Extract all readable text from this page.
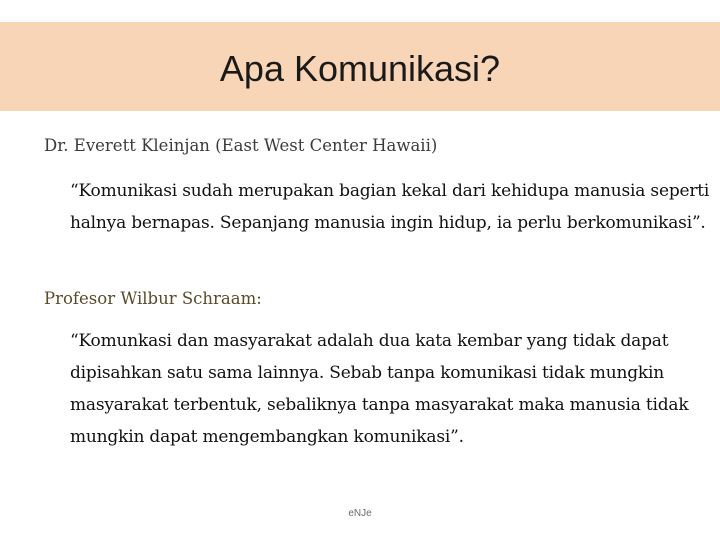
Apa Komunikasi?

Dr. Everett Kleinjan (East West Center Hawaii)

“Komunikasi sudah merupakan bagian kekal dari kehidupa manusia seperti
halnya bernapas. Sepanjang manusia ingin hidup, ia perlu berkomunikasi”.

Profesor Wilbur Schraam:

“Komunkasi dan masyarakat adalah dua kata kembar yang tidak dapat
dipisahkan satu sama lainnya. Sebab tanpa komunikasi tidak mungkin
masyarakat terbentuk, sebaliknya tanpa masyarakat maka manusia tidak
mungkin dapat mengembangkan komunikasi”.

eNJe
